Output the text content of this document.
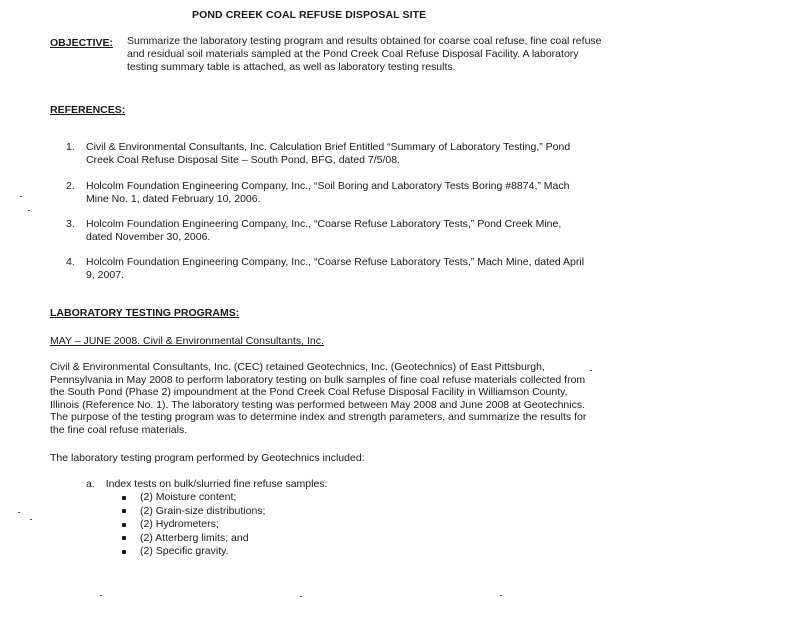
POND CREEK COAL REFUSE DISPOSAL SITE
OBJECTIVE: Summarize the laboratory testing program and results obtained for coarse coal refuse, fine coal refuse and residual soil materials sampled at the Pond Creek Coal Refuse Disposal Facility. A laboratory testing summary table is attached, as well as laboratory testing results.
REFERENCES:
1.	Civil & Environmental Consultants, Inc. Calculation Brief Entitled “Summary of Laboratory Testing,” Pond Creek Coal Refuse Disposal Site – South Pond, BFG, dated 7/5/08.
2.	Holcolm Foundation Engineering Company, Inc., “Soil Boring and Laboratory Tests Boring #8874,” Mach Mine No. 1, dated February 10, 2006.
3.	Holcolm Foundation Engineering Company, Inc., “Coarse Refuse Laboratory Tests,” Pond Creek Mine, dated November 30, 2006.
4.	Holcolm Foundation Engineering Company, Inc., “Coarse Refuse Laboratory Tests,” Mach Mine, dated April 9, 2007.
LABORATORY TESTING PROGRAMS:
MAY – JUNE 2008. Civil & Environmental Consultants, Inc.
Civil & Environmental Consultants, Inc. (CEC) retained Geotechnics, Inc. (Geotechnics) of East Pittsburgh, Pennsylvania in May 2008 to perform laboratory testing on bulk samples of fine coal refuse materials collected from the South Pond (Phase 2) impoundment at the Pond Creek Coal Refuse Disposal Facility in Williamson County, Illinois (Reference No. 1). The laboratory testing was performed between May 2008 and June 2008 at Geotechnics. The purpose of the testing program was to determine index and strength parameters, and summarize the results for the fine coal refuse materials.
The laboratory testing program performed by Geotechnics included:
a. Index tests on bulk/slurried fine refuse samples:
(2) Moisture content;
(2) Grain-size distributions;
(2) Hydrometers;
(2) Atterberg limits; and
(2) Specific gravity.
